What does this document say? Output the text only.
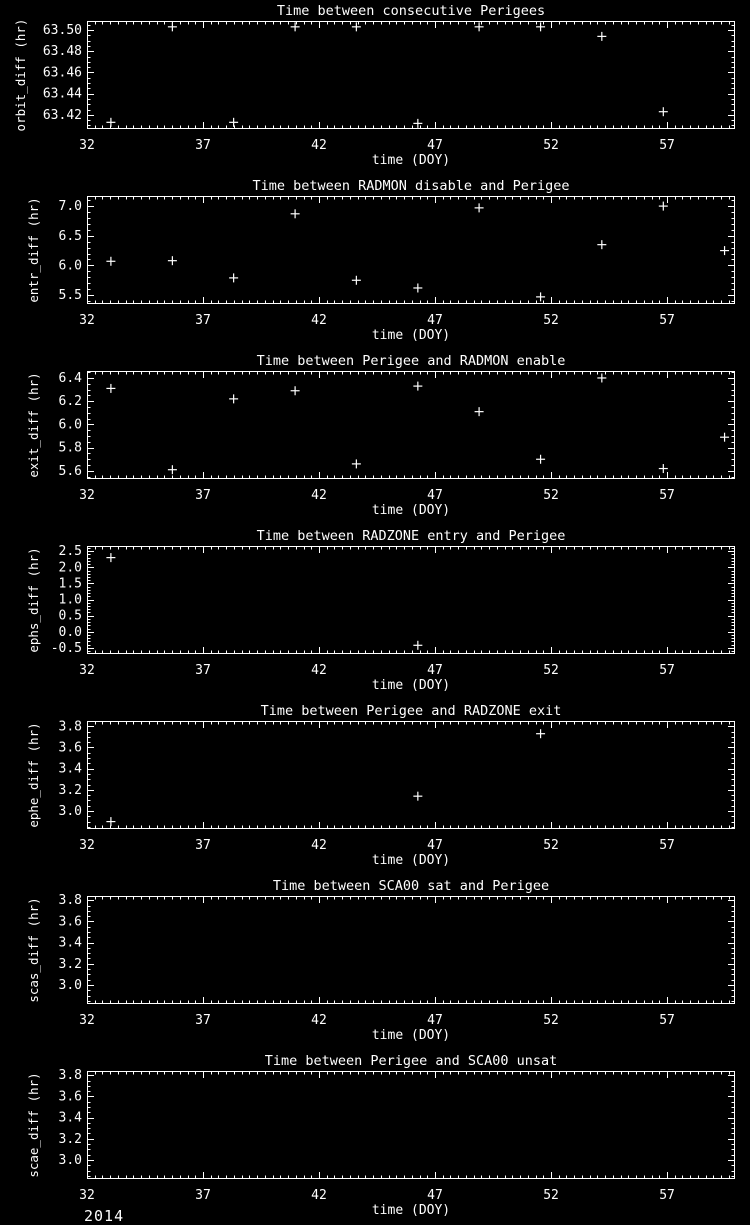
Time between consecutive Perigees
32	37	42	47	52	57
time (DOY)
63.42
63.44
63.46
63.48
63.50
orbit_diff (hr)
Time between RADMON disable and Perigee
32	37	42	47	52	57
time (DOY)
5.5
6.0
6.5
7.0
entr_diff (hr)
Time between Perigee and RADMON enable
32	37	42	47	52	57
time (DOY)
5.6
5.8
6.0
6.2
6.4
exit_diff (hr)
Time between RADZONE entry and Perigee
32	37	42	47	52	57
time (DOY)
-0.5
0.0
0.5
1.0
1.5
2.0
2.5
ephs_diff (hr)
Time between Perigee and RADZONE exit
32	37	42	47	52	57
time (DOY)
3.0
3.2
3.4
3.6
3.8
ephe_diff (hr)
Time between SCA00 sat and Perigee
32	37	42	47	52	57
time (DOY)
3.0
3.2
3.4
3.6
3.8
scas_diff (hr)
Time between Perigee and SCA00 unsat
32	37	42	47	52	57
time (DOY)
3.0
3.2
3.4
3.6
3.8
scae_diff (hr)
2014
